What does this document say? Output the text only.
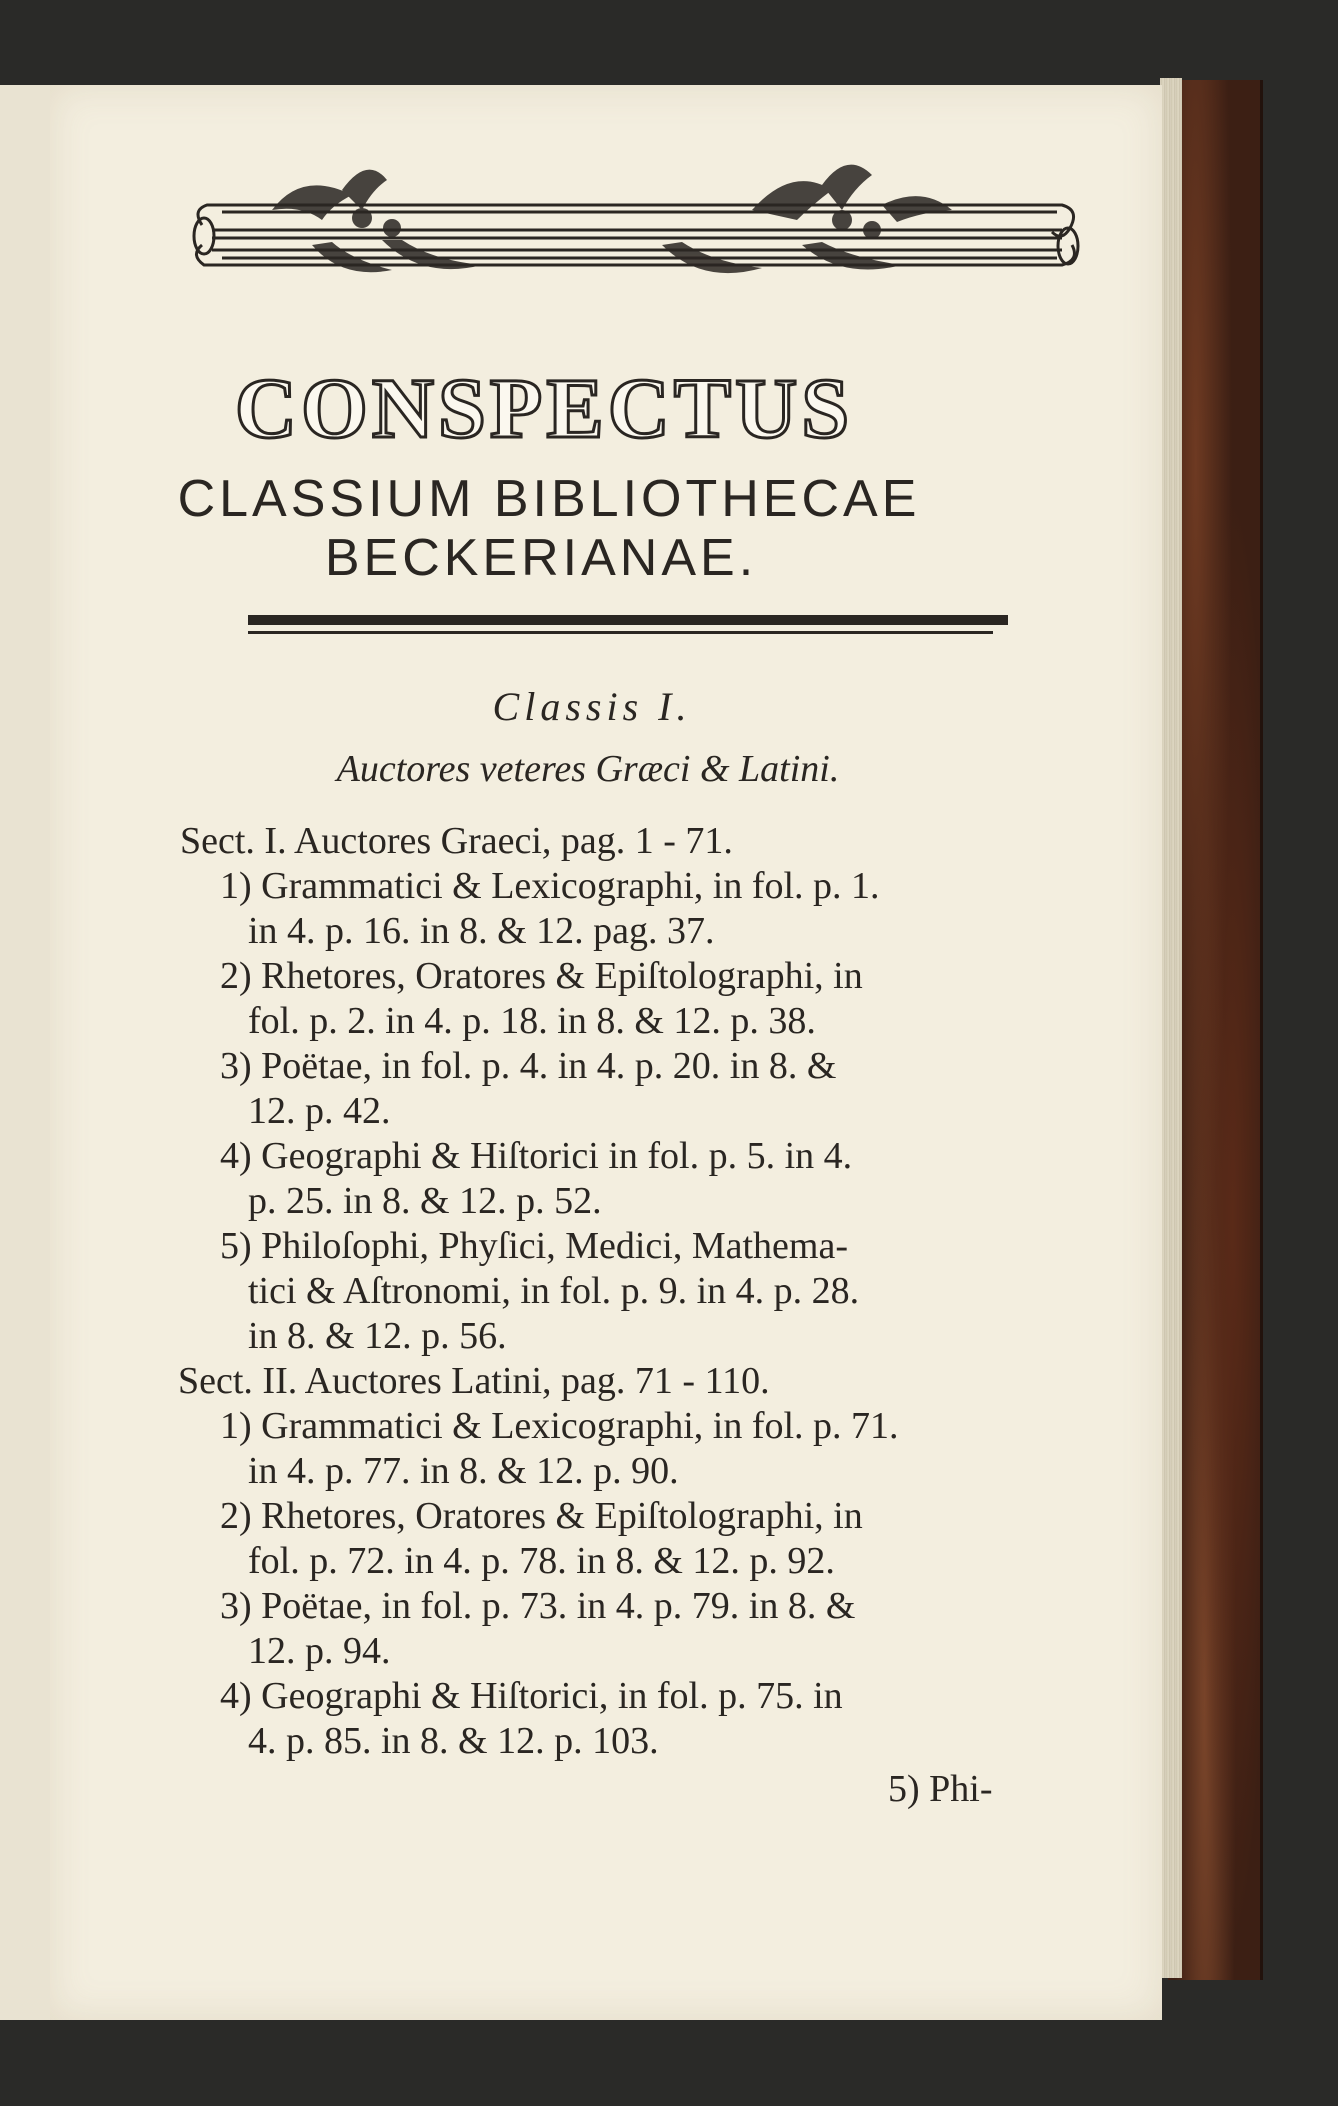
CONSPECTUS
CLASSIUM BIBLIOTHECAE
BECKERIANAE.
Classis I.
Auctores veteres Græci & Latini.
Sect. I. Auctores Graeci, pag. 1 - 71.
1) Grammatici & Lexicographi, in fol. p. 1.
in 4. p. 16. in 8. & 12. pag. 37.
2) Rhetores, Oratores & Epiſtolographi, in
fol. p. 2. in 4. p. 18. in 8. & 12. p. 38.
3) Poëtae, in fol. p. 4. in 4. p. 20. in 8. &
12. p. 42.
4) Geographi & Hiſtorici in fol. p. 5. in 4.
p. 25. in 8. & 12. p. 52.
5) Philoſophi, Phyſici, Medici, Mathema-
tici & Aſtronomi, in fol. p. 9. in 4. p. 28.
in 8. & 12. p. 56.
Sect. II. Auctores Latini, pag. 71 - 110.
1) Grammatici & Lexicographi, in fol. p. 71.
in 4. p. 77. in 8. & 12. p. 90.
2) Rhetores, Oratores & Epiſtolographi, in
fol. p. 72. in 4. p. 78. in 8. & 12. p. 92.
3) Poëtae, in fol. p. 73. in 4. p. 79. in 8. &
12. p. 94.
4) Geographi & Hiſtorici, in fol. p. 75. in
4. p. 85. in 8. & 12. p. 103.
5) Phi-
